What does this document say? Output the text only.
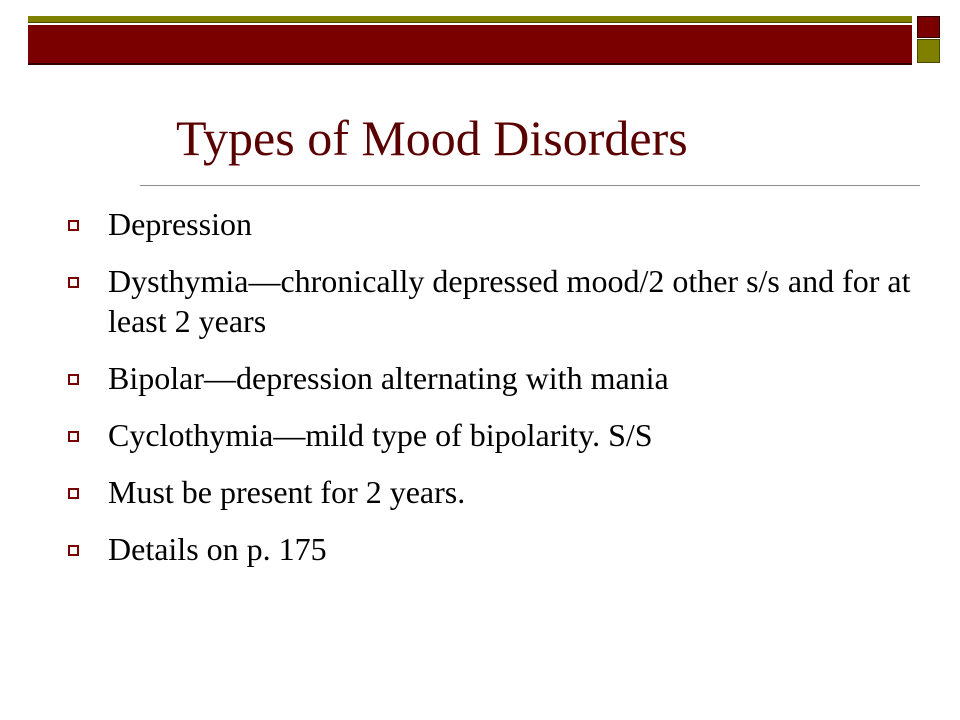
Types of Mood Disorders
Depression
Dysthymia—chronically depressed mood/2 other s/s and for at least 2 years
Bipolar—depression alternating with mania
Cyclothymia—mild type of bipolarity. S/S
Must be present for 2 years.
Details on p. 175
